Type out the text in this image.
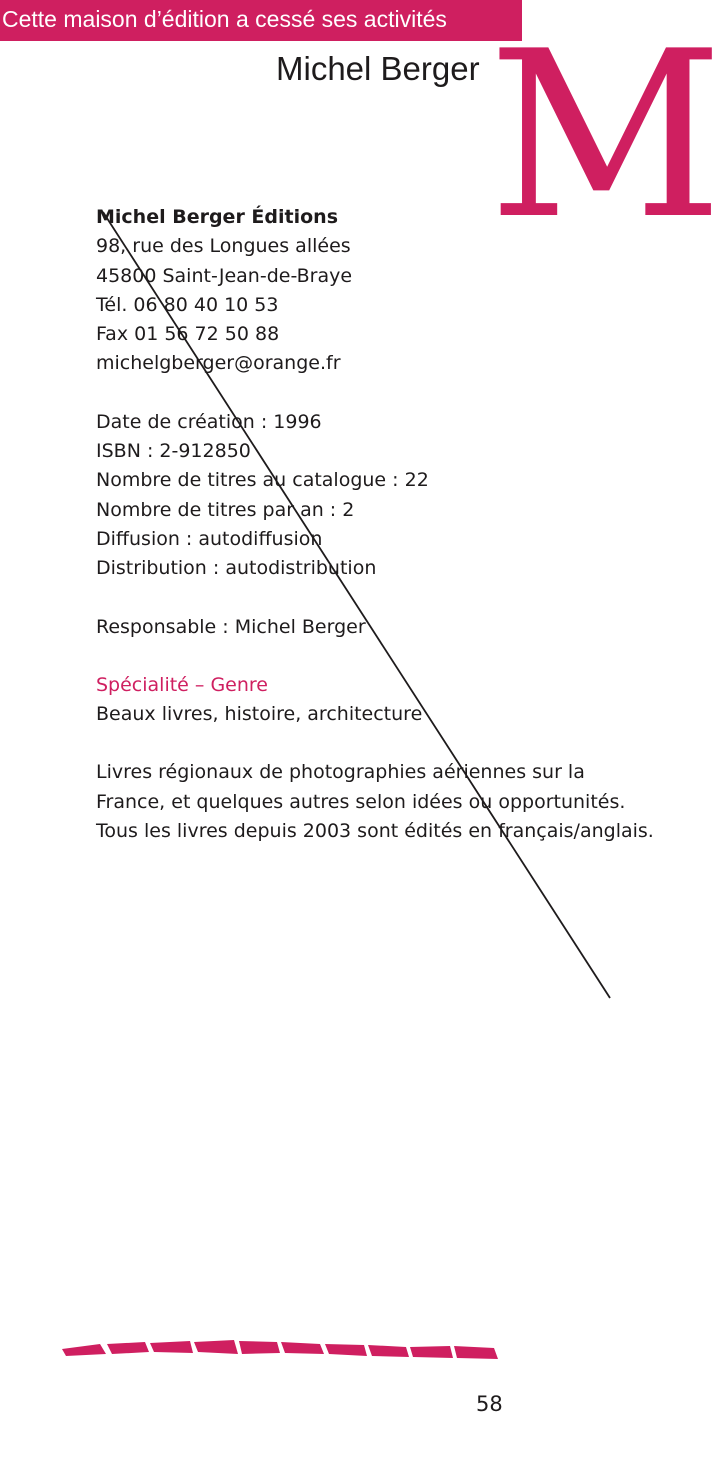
Cette maison d’édition a cessé ses activités
Michel Berger M

Michel Berger Éditions

98, rue des Longues allées

45800 Saint-Jean-de-Braye

Tél. 06 80 40 10 53

Fax 01 56 72 50 88

michelgberger@orange.fr

Date de création : 1996

ISBN : 2-912850

Nombre de titres au catalogue : 22

Nombre de titres par an : 2

Diffusion : autodiffusion

Distribution : autodistribution

Responsable : Michel Berger

Spécialité – Genre

Beaux livres, histoire, architecture

Livres régionaux de photographies aériennes sur la France, et quelques autres selon idées ou opportunités. Tous les livres depuis 2003 sont édités en français/anglais.

58
